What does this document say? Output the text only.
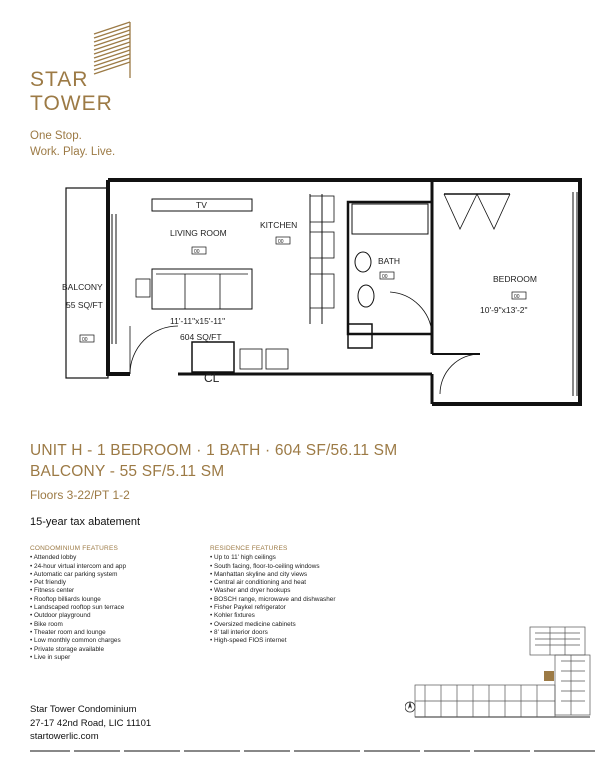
STAR
TOWER
One Stop.
Work. Play. Live.
BALCONY
55 SQ/FT
TV
LIVING ROOM
11'-11"x15'-11"
604 SQ/FT
KITCHEN
BATH
CL
BEDROOM
10'-9"x13'-2"
00
00
00
00
00
UNIT H - 1 BEDROOM · 1 BATH · 604 SF/56.11 SM
BALCONY - 55 SF/5.11 SM
Floors 3-22/PT 1-2
15-year tax abatement
CONDOMINIUM FEATURES
• Attended lobby
• 24-hour virtual intercom and app
• Automatic car parking system
• Pet friendly
• Fitness center
• Rooftop billiards lounge
• Landscaped rooftop sun terrace
• Outdoor playground
• Bike room
• Theater room and lounge
• Low monthly common charges
• Private storage available
• Live in super
RESIDENCE FEATURES
• Up to 11' high ceilings
• South facing, floor-to-ceiling windows
• Manhattan skyline and city views
• Central air conditioning and heat
• Washer and dryer hookups
• BOSCH range, microwave and dishwasher
• Fisher Paykel refrigerator
• Kohler fixtures
• Oversized medicine cabinets
• 8' tall interior doors
• High-speed FIOS internet
Star Tower Condominium
27-17 42nd Road, LIC 11101
startowerlic.com
